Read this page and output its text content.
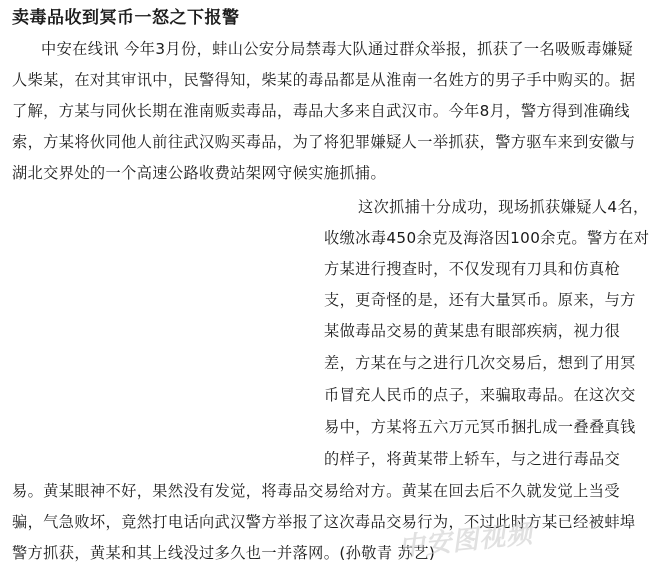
卖毒品收到冥币一怒之下报警
中安在线讯 今年3月份，蚌山公安分局禁毒大队通过群众举报，抓获了一名吸贩毒嫌疑
人柴某，在对其审讯中，民警得知，柴某的毒品都是从淮南一名姓方的男子手中购买的。据
了解，方某与同伙长期在淮南贩卖毒品，毒品大多来自武汉市。今年8月，警方得到准确线
索，方某将伙同他人前往武汉购买毒品，为了将犯罪嫌疑人一举抓获，警方驱车来到安徽与
湖北交界处的一个高速公路收费站架网守候实施抓捕。
这次抓捕十分成功，现场抓获嫌疑人4名，
收缴冰毒450余克及海洛因100余克。警方在对
方某进行搜查时，不仅发现有刀具和仿真枪
支，更奇怪的是，还有大量冥币。原来，与方
某做毒品交易的黄某患有眼部疾病，视力很
差，方某在与之进行几次交易后，想到了用冥
币冒充人民币的点子，来骗取毒品。在这次交
易中，方某将五六万元冥币捆扎成一叠叠真钱
的样子，将黄某带上轿车，与之进行毒品交
易。黄某眼神不好，果然没有发觉，将毒品交易给对方。黄某在回去后不久就发觉上当受
骗，气急败坏，竟然打电话向武汉警方举报了这次毒品交易行为，不过此时方某已经被蚌埠
警方抓获，黄某和其上线没过多久也一并落网。(孙敬青 苏艺)
中安图视频
